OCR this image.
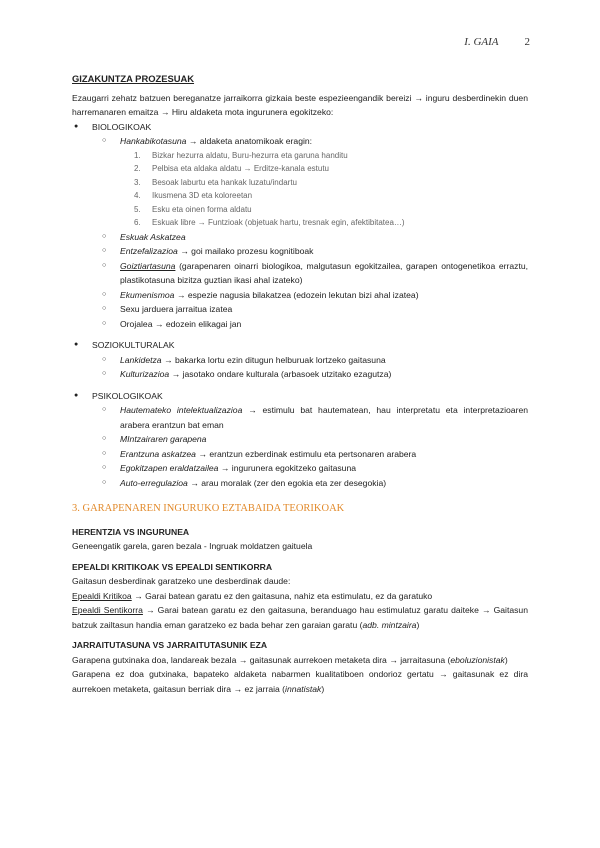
I. GAIA 2
GIZAKUNTZA PROZESUAK
Ezaugarri zehatz batzuen bereganatze jarraikorra gizkaia beste espezieengandik bereizi → inguru desberdinekin duen harremanaren emaitza → Hiru aldaketa mota ingurunera egokitzeko:
● BIOLOGIKOAK
○ Hankabikotasuna → aldaketa anatomikoak eragin:
1. Bizkar hezurra aldatu, Buru-hezurra eta garuna handitu
2. Pelbisa eta aldaka aldatu → Erditze-kanala estutu
3. Besoak laburtu eta hankak luzatu/indartu
4. Ikusmena 3D eta koloreetan
5. Esku eta oinen forma aldatu
6. Eskuak libre → Funtzioak (objetuak hartu, tresnak egin, afektibitatea…)
○ Eskuak Askatzea
○ Entzefalizazioa → goi mailako prozesu kognitiboak
○ Goiztiartasuna (garapenaren oinarri biologikoa, malgutasun egokitzailea, garapen ontogenetikoa erraztu, plastikotasuna bizitza guztian ikasi ahal izateko)
○ Ekumenismoa → espezie nagusia bilakatzea (edozein lekutan bizi ahal izatea)
○ Sexu jarduera jarraitua izatea
○ Orojalea → edozein elikagai jan
● SOZIOKULTURALAK
○ Lankidetza → bakarka lortu ezin ditugun helburuak lortzeko gaitasuna
○ Kulturizazioa → jasotako ondare kulturala (arbasoek utzitako ezagutza)
● PSIKOLOGIKOAK
○ Hautemateko intelektualizazioa → estimulu bat hautematean, hau interpretatu eta interpretazioaren arabera erantzun bat eman
○ MIntzairaren garapena
○ Erantzuna askatzea → erantzun ezberdinak estimulu eta pertsonaren arabera
○ Egokitzapen eraldatzailea → ingurunera egokitzeko gaitasuna
○ Auto-erregulazioa → arau moralak (zer den egokia eta zer desegokia)
3. GARAPENAREN INGURUKO EZTABAIDA TEORIKOAK
HERENTZIA VS INGURUNEA
Geneengatik garela, garen bezala - Ingruak moldatzen gaituela
EPEALDI KRITIKOAK VS EPEALDI SENTIKORRA
Gaitasun desberdinak garatzeko une desberdinak daude:
Epealdi Kritikoa → Garai batean garatu ez den gaitasuna, nahiz eta estimulatu, ez da garatuko
Epealdi Sentikorra → Garai batean garatu ez den gaitasuna, beranduago hau estimulatuz garatu daiteke → Gaitasun batzuk zailtasun handia eman garatzeko ez bada behar zen garaian garatu (adb. mintzaira)
JARRAITUTASUNA VS JARRAITUTASUNIK EZA
Garapena gutxinaka doa, landareak bezala → gaitasunak aurrekoen metaketa dira → jarraitasuna (eboluzionistak)
Garapena ez doa gutxinaka, bapateko aldaketa nabarmen kualitatiboen ondorioz gertatu → gaitasunak ez dira aurrekoen metaketa, gaitasun berriak dira → ez jarraia (innatistak)
